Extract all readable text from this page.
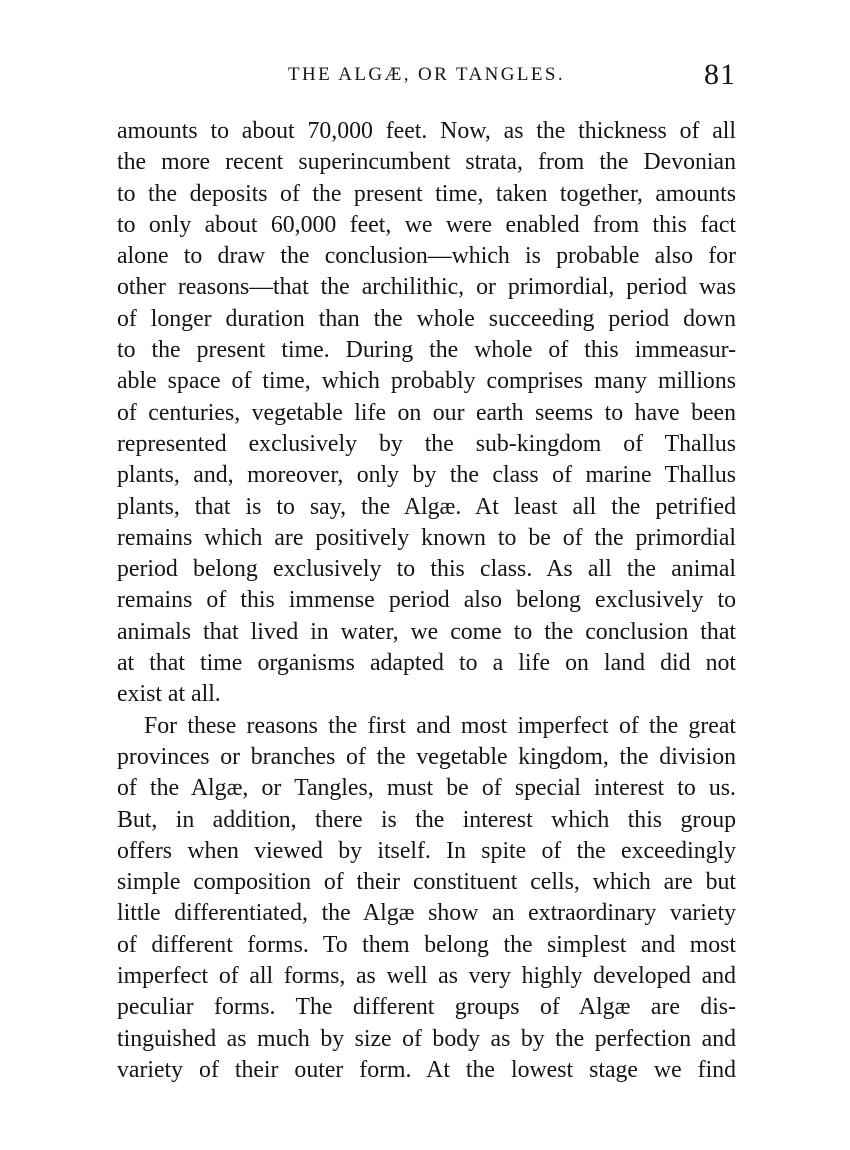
THE ALGÆ, OR TANGLES.	81
amounts to about 70,000 feet. Now, as the thickness of all
the more recent superincumbent strata, from the Devonian
to the deposits of the present time, taken together, amounts
to only about 60,000 feet, we were enabled from this fact
alone to draw the conclusion—which is probable also for
other reasons—that the archilithic, or primordial, period was
of longer duration than the whole succeeding period down
to the present time. During the whole of this immeasur-
able space of time, which probably comprises many millions
of centuries, vegetable life on our earth seems to have been
represented exclusively by the sub-kingdom of Thallus
plants, and, moreover, only by the class of marine Thallus
plants, that is to say, the Algæ. At least all the petrified
remains which are positively known to be of the primordial
period belong exclusively to this class. As all the animal
remains of this immense period also belong exclusively to
animals that lived in water, we come to the conclusion that
at that time organisms adapted to a life on land did not
exist at all.
For these reasons the first and most imperfect of the great
provinces or branches of the vegetable kingdom, the division
of the Algæ, or Tangles, must be of special interest to us.
But, in addition, there is the interest which this group
offers when viewed by itself. In spite of the exceedingly
simple composition of their constituent cells, which are but
little differentiated, the Algæ show an extraordinary variety
of different forms. To them belong the simplest and most
imperfect of all forms, as well as very highly developed and
peculiar forms. The different groups of Algæ are dis-
tinguished as much by size of body as by the perfection and
variety of their outer form. At the lowest stage we find
